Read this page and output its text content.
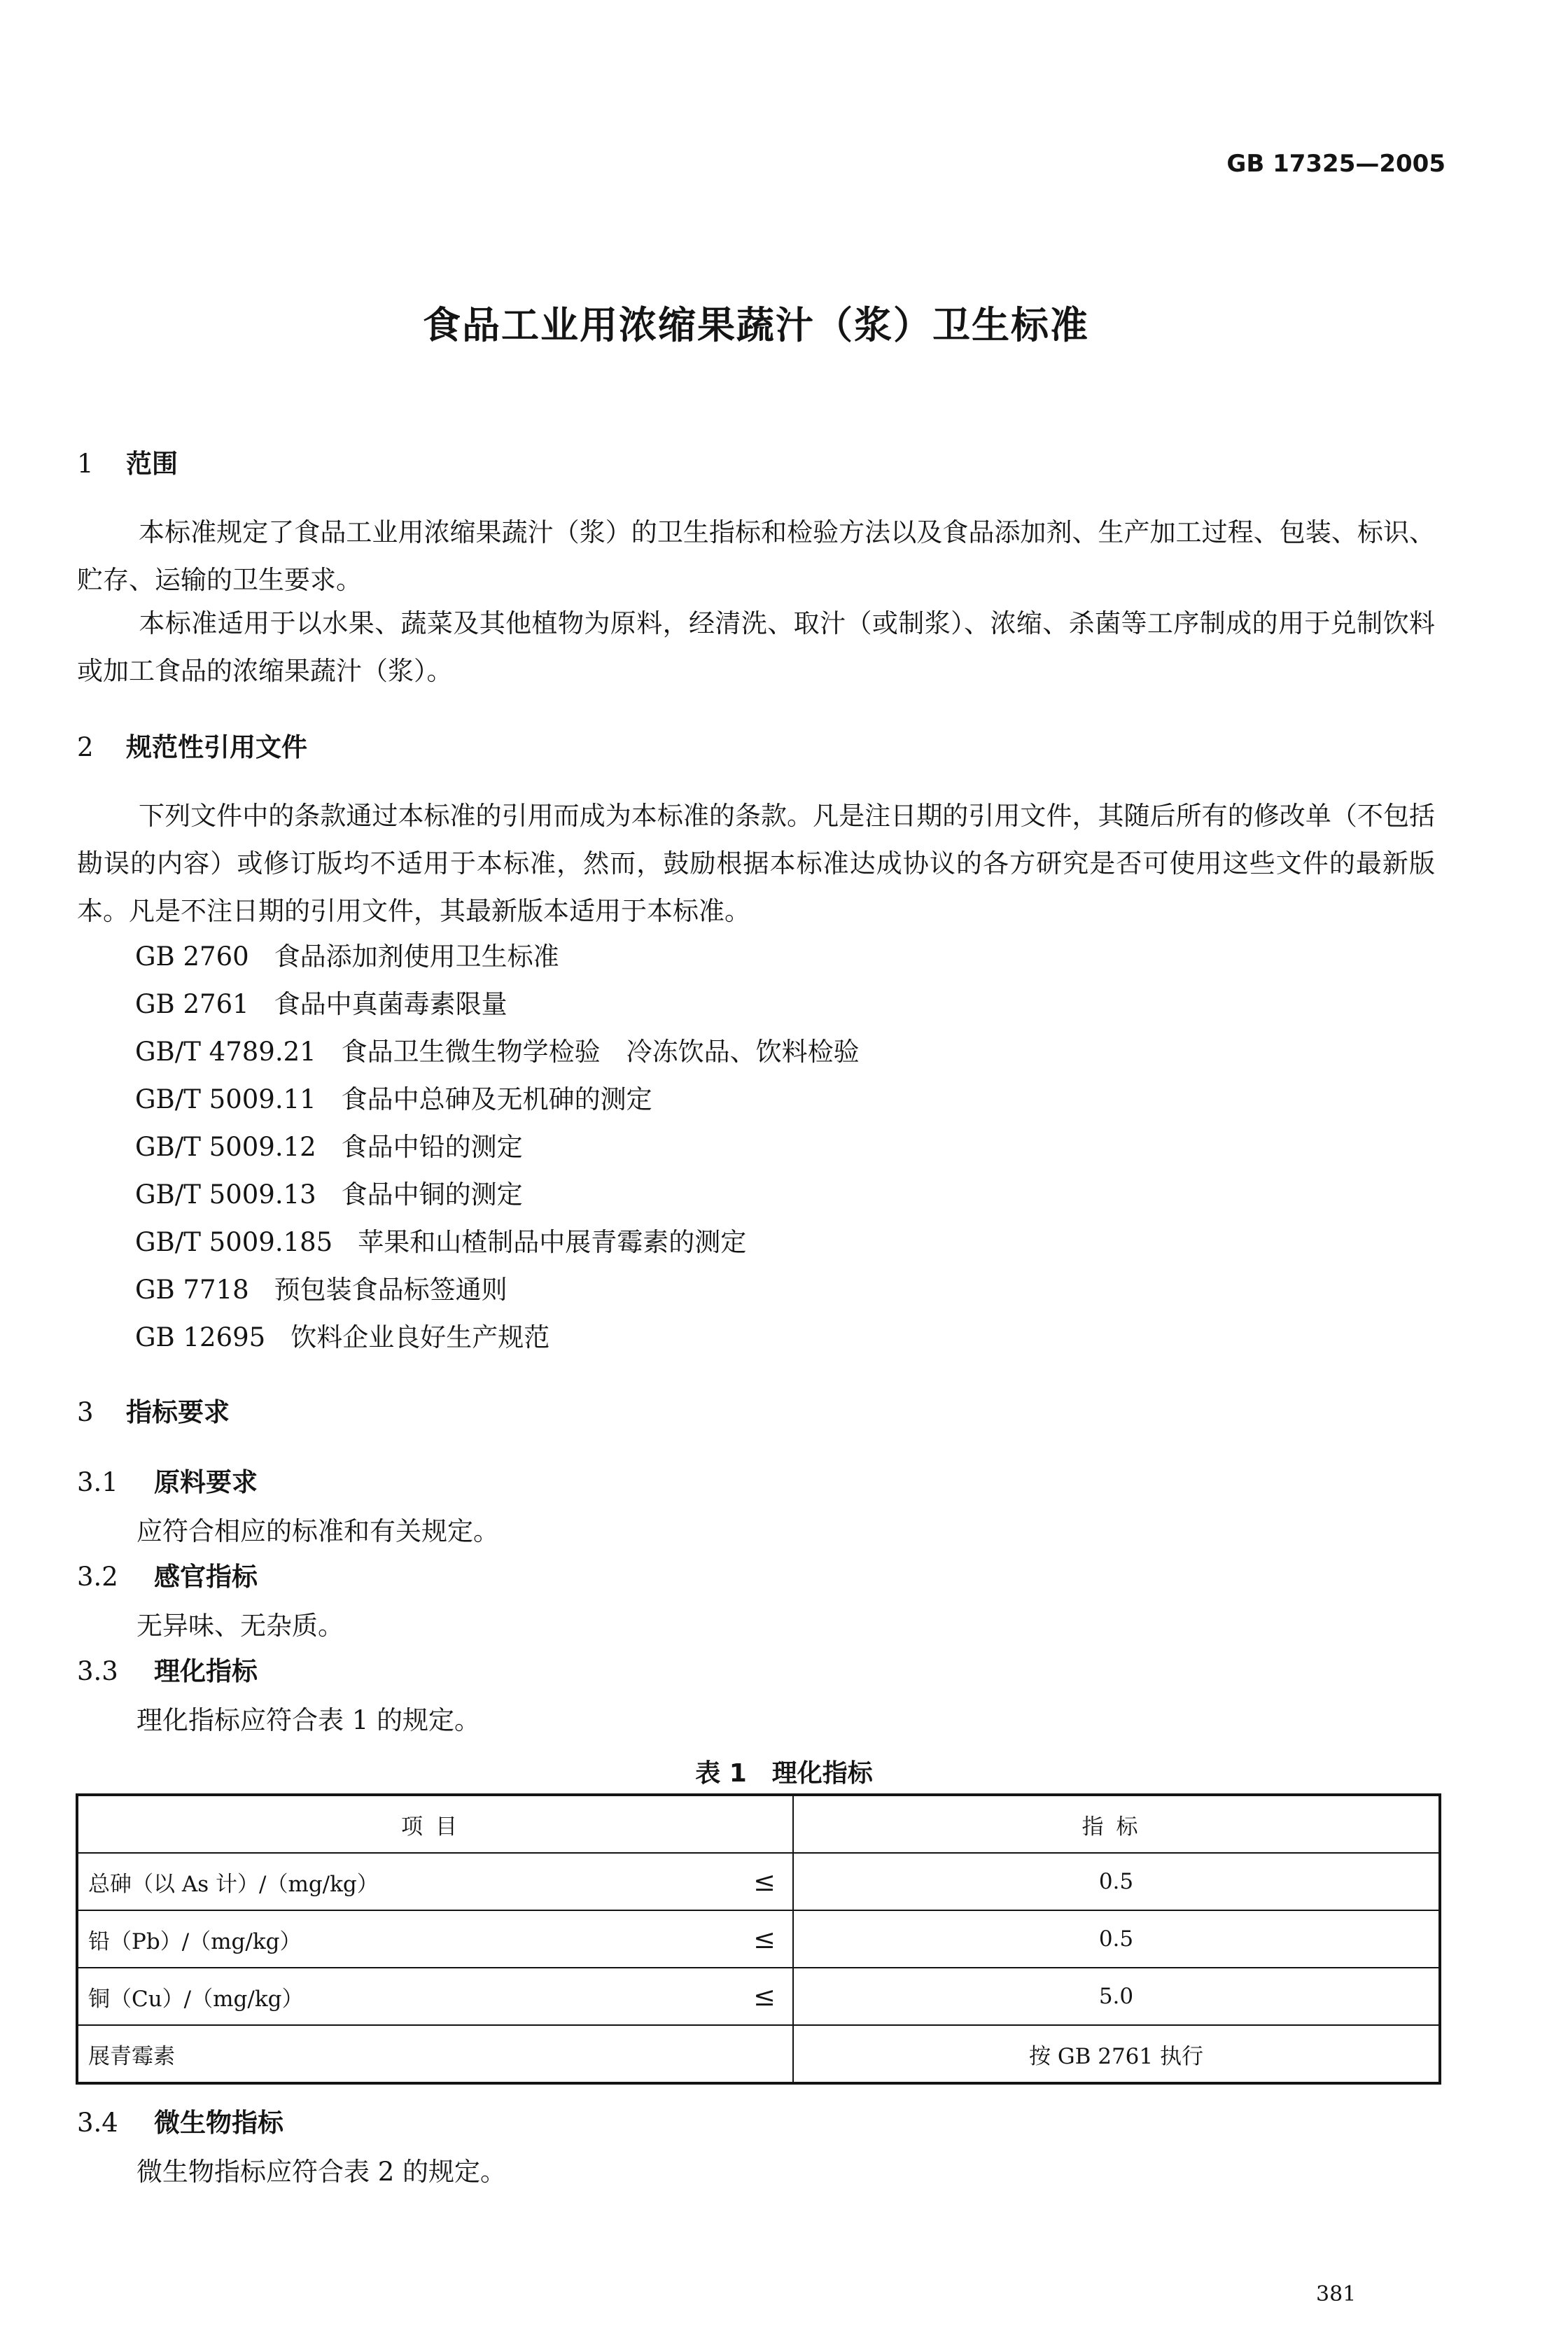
GB 17325—2005
食品工业用浓缩果蔬汁（浆）卫生标准
1 范围
本标准规定了食品工业用浓缩果蔬汁（浆）的卫生指标和检验方法以及食品添加剂、生产加工过程、包装、标识、贮存、运输的卫生要求。
本标准适用于以水果、蔬菜及其他植物为原料，经清洗、取汁（或制浆）、浓缩、杀菌等工序制成的用于兑制饮料或加工食品的浓缩果蔬汁（浆）。
2 规范性引用文件
下列文件中的条款通过本标准的引用而成为本标准的条款。凡是注日期的引用文件，其随后所有的修改单（不包括勘误的内容）或修订版均不适用于本标准，然而，鼓励根据本标准达成协议的各方研究是否可使用这些文件的最新版本。凡是不注日期的引用文件，其最新版本适用于本标准。
GB 2760 食品添加剂使用卫生标准
GB 2761 食品中真菌毒素限量
GB/T 4789.21 食品卫生微生物学检验　冷冻饮品、饮料检验
GB/T 5009.11 食品中总砷及无机砷的测定
GB/T 5009.12 食品中铅的测定
GB/T 5009.13 食品中铜的测定
GB/T 5009.185 苹果和山楂制品中展青霉素的测定
GB 7718 预包装食品标签通则
GB 12695 饮料企业良好生产规范
3 指标要求
3.1 原料要求
应符合相应的标准和有关规定。
3.2 感官指标
无异味、无杂质。
3.3 理化指标
理化指标应符合表 1 的规定。
表 1　理化指标
项目	指标
总砷（以 As 计）/（mg/kg） ≤	0.5
铅（Pb）/（mg/kg） ≤	0.5
铜（Cu）/（mg/kg） ≤	5.0
展青霉素	按 GB 2761 执行
3.4 微生物指标
微生物指标应符合表 2 的规定。
381
